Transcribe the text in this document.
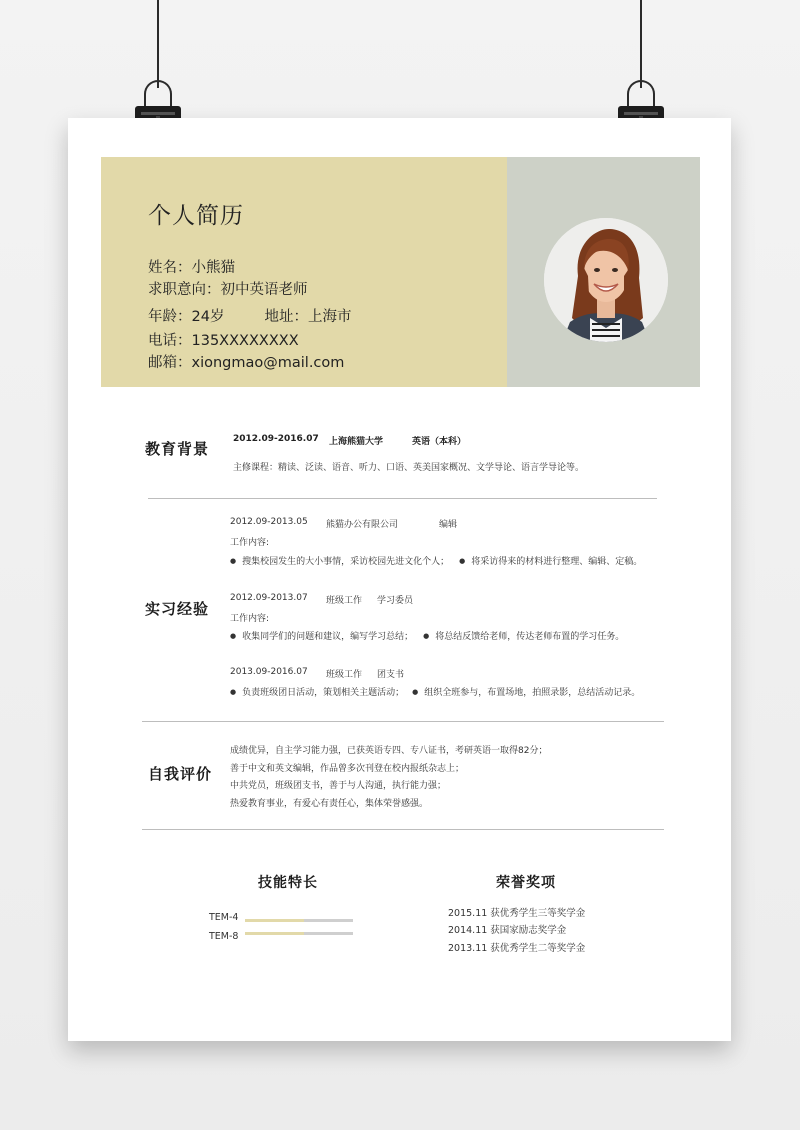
个人简历
姓名：小熊猫
求职意向：初中英语老师
年龄：24岁	地址：上海市
电话：135XXXXXXXX
邮箱：xiongmao@mail.com
教育背景
2012.09-2016.07 上海熊猫大学	英语（本科）
主修课程：精读、泛读、语音、听力、口语、英美国家概况、文学导论、语言学导论等。
实习经验
2012.09-2013.05 熊猫办公有限公司	编辑
工作内容:
● 搜集校园发生的大小事情，采访校园先进文化个人； ● 将采访得来的材料进行整理、编辑、定稿。
2012.09-2013.07 班级工作 学习委员
工作内容:
● 收集同学们的问题和建议，编写学习总结； ● 将总结反馈给老师，传达老师布置的学习任务。
2013.09-2016.07 班级工作 团支书
● 负责班级团日活动，策划相关主题活动； ● 组织全班参与，布置场地，拍照录影，总结活动记录。
自我评价
成绩优异，自主学习能力强，已获英语专四、专八证书，考研英语一取得82分；
善于中文和英文编辑，作品曾多次刊登在校内报纸杂志上；
中共党员，班级团支书，善于与人沟通，执行能力强；
热爱教育事业，有爱心有责任心，集体荣誉感强。
技能特长
TEM-4
TEM-8
荣誉奖项
2015.11 获优秀学生三等奖学金
2014.11 获国家励志奖学金
2013.11 获优秀学生二等奖学金
